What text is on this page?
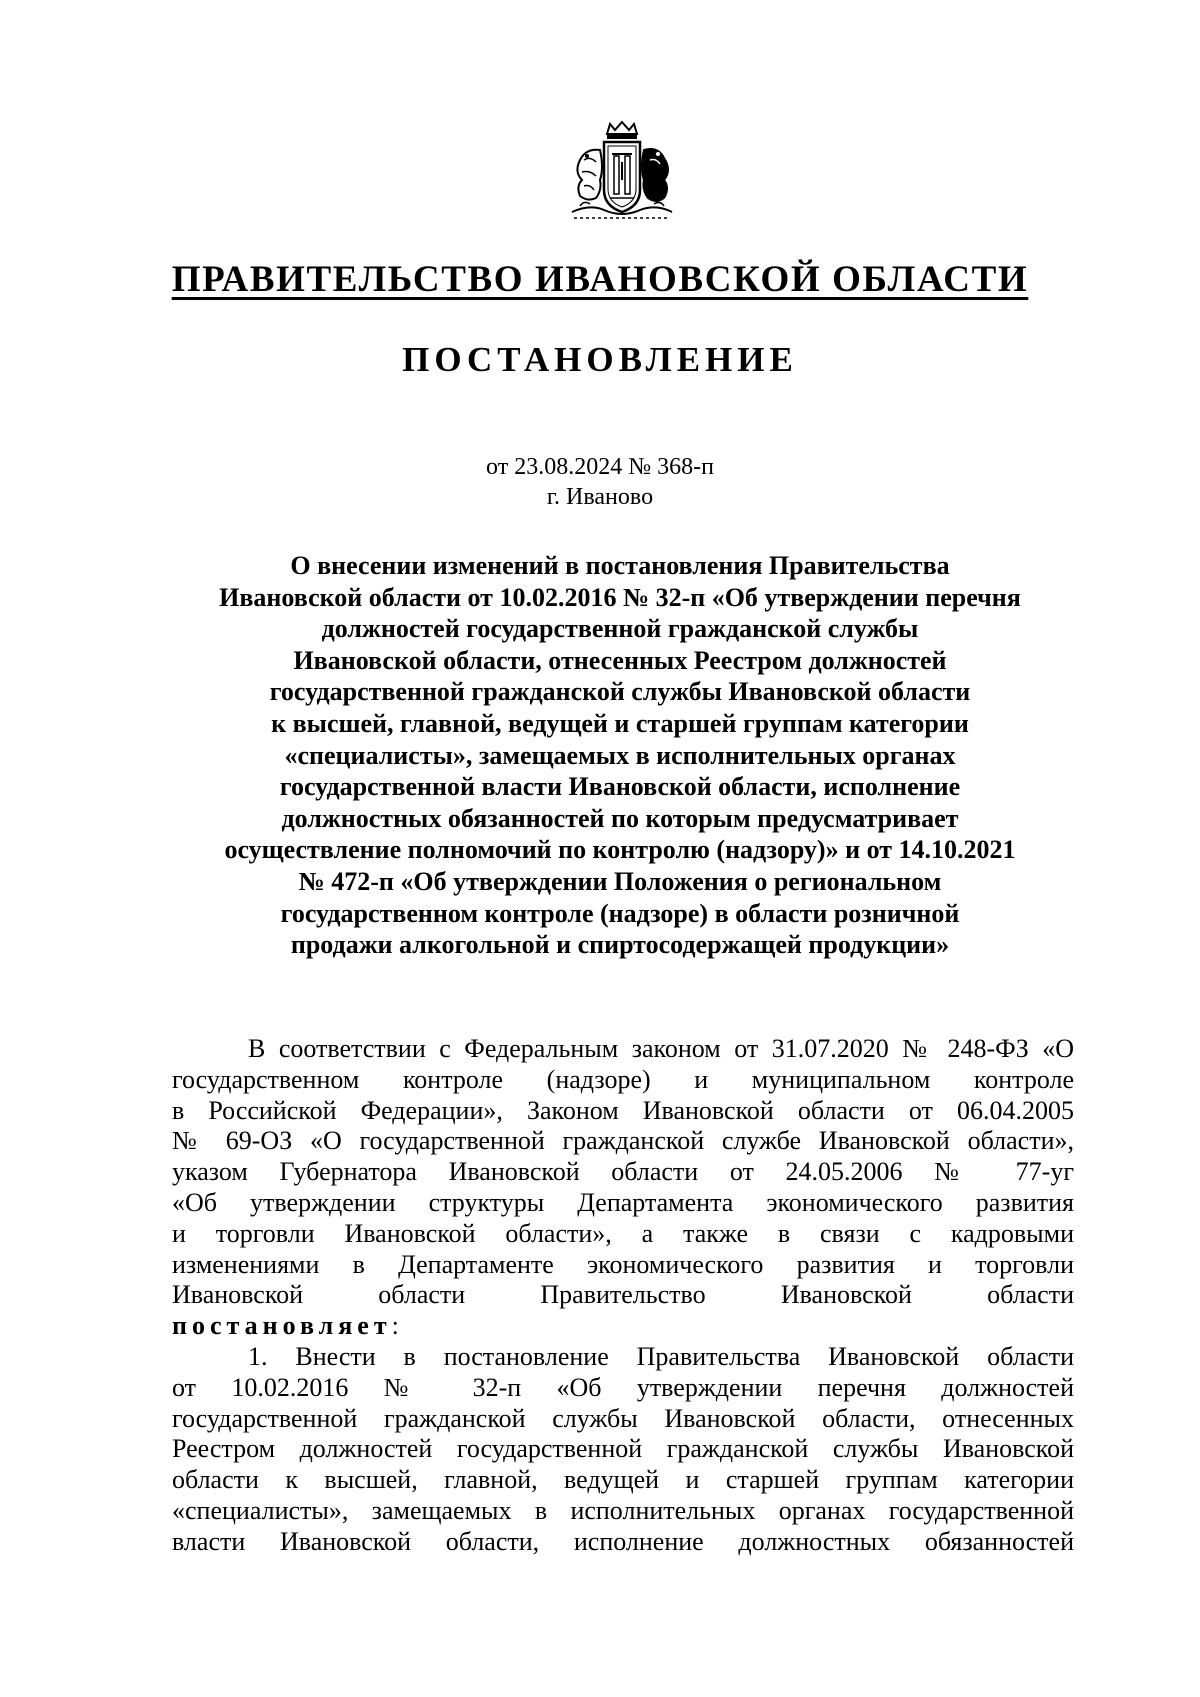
ПРАВИТЕЛЬСТВО ИВАНОВСКОЙ ОБЛАСТИ
ПОСТАНОВЛЕНИЕ
от 23.08.2024 № 368-п
г. Иваново
О внесении изменений в постановления Правительства
Ивановской области от 10.02.2016 № 32-п «Об утверждении перечня
должностей государственной гражданской службы
Ивановской области, отнесенных Реестром должностей
государственной гражданской службы Ивановской области
к высшей, главной, ведущей и старшей группам категории
«специалисты», замещаемых в исполнительных органах
государственной власти Ивановской области, исполнение
должностных обязанностей по которым предусматривает
осуществление полномочий по контролю (надзору)» и от 14.10.2021
№ 472-п «Об утверждении Положения о региональном
государственном контроле (надзоре) в области розничной
продажи алкогольной и спиртосодержащей продукции»
В соответствии с Федеральным законом от 31.07.2020 № 248-ФЗ «О
государственном контроле (надзоре) и муниципальном контроле
в Российской Федерации», Законом Ивановской области от 06.04.2005
№ 69-ОЗ «О государственной гражданской службе Ивановской области»,
указом Губернатора Ивановской области от 24.05.2006 № 77-уг
«Об утверждении структуры Департамента экономического развития
и торговли Ивановской области», а также в связи с кадровыми
изменениями в Департаменте экономического развития и торговли
Ивановской области Правительство Ивановской области
постановляет:
1. Внести в постановление Правительства Ивановской области
от 10.02.2016 № 32-п «Об утверждении перечня должностей
государственной гражданской службы Ивановской области, отнесенных
Реестром должностей государственной гражданской службы Ивановской
области к высшей, главной, ведущей и старшей группам категории
«специалисты», замещаемых в исполнительных органах государственной
власти Ивановской области, исполнение должностных обязанностей
